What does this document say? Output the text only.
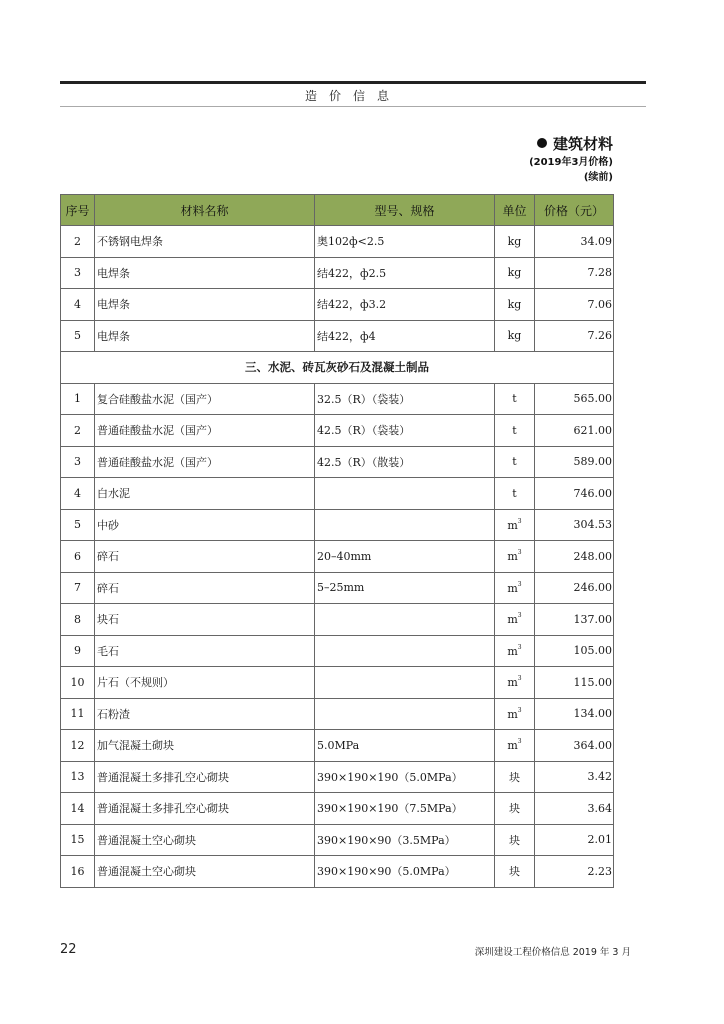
造价信息
建筑材料
(2019年3月价格)
(续前)
序号	材料名称	型号、规格	单位	价格（元）
2	不锈钢电焊条	奥102ф<2.5	kg	34.09
3	电焊条	结422，ф2.5	kg	7.28
4	电焊条	结422，ф3.2	kg	7.06
5	电焊条	结422，ф4	kg	7.26
三、水泥、砖瓦灰砂石及混凝土制品				
1	复合硅酸盐水泥（国产）	32.5（R）（袋装）	t	565.00
2	普通硅酸盐水泥（国产）	42.5（R）（袋装）	t	621.00
3	普通硅酸盐水泥（国产）	42.5（R）（散装）	t	589.00
4	白水泥		t	746.00
5	中砂		$m^3$	304.53
6	碎石	20–40mm	$m^3$	248.00
7	碎石	5–25mm	$m^3$	246.00
8	块石		$m^3$	137.00
9	毛石		$m^3$	105.00
10	片石（不规则）		$m^3$	115.00
11	石粉渣		$m^3$	134.00
12	加气混凝土砌块	5.0MPa	$m^3$	364.00
13	普通混凝土多排孔空心砌块	390×190×190（5.0MPa）	块	3.42
14	普通混凝土多排孔空心砌块	390×190×190（7.5MPa）	块	3.64
15	普通混凝土空心砌块	390×190×90（3.5MPa）	块	2.01
16	普通混凝土空心砌块	390×190×90（5.0MPa）	块	2.23
22	深圳建设工程价格信息 2019 年 3 月
